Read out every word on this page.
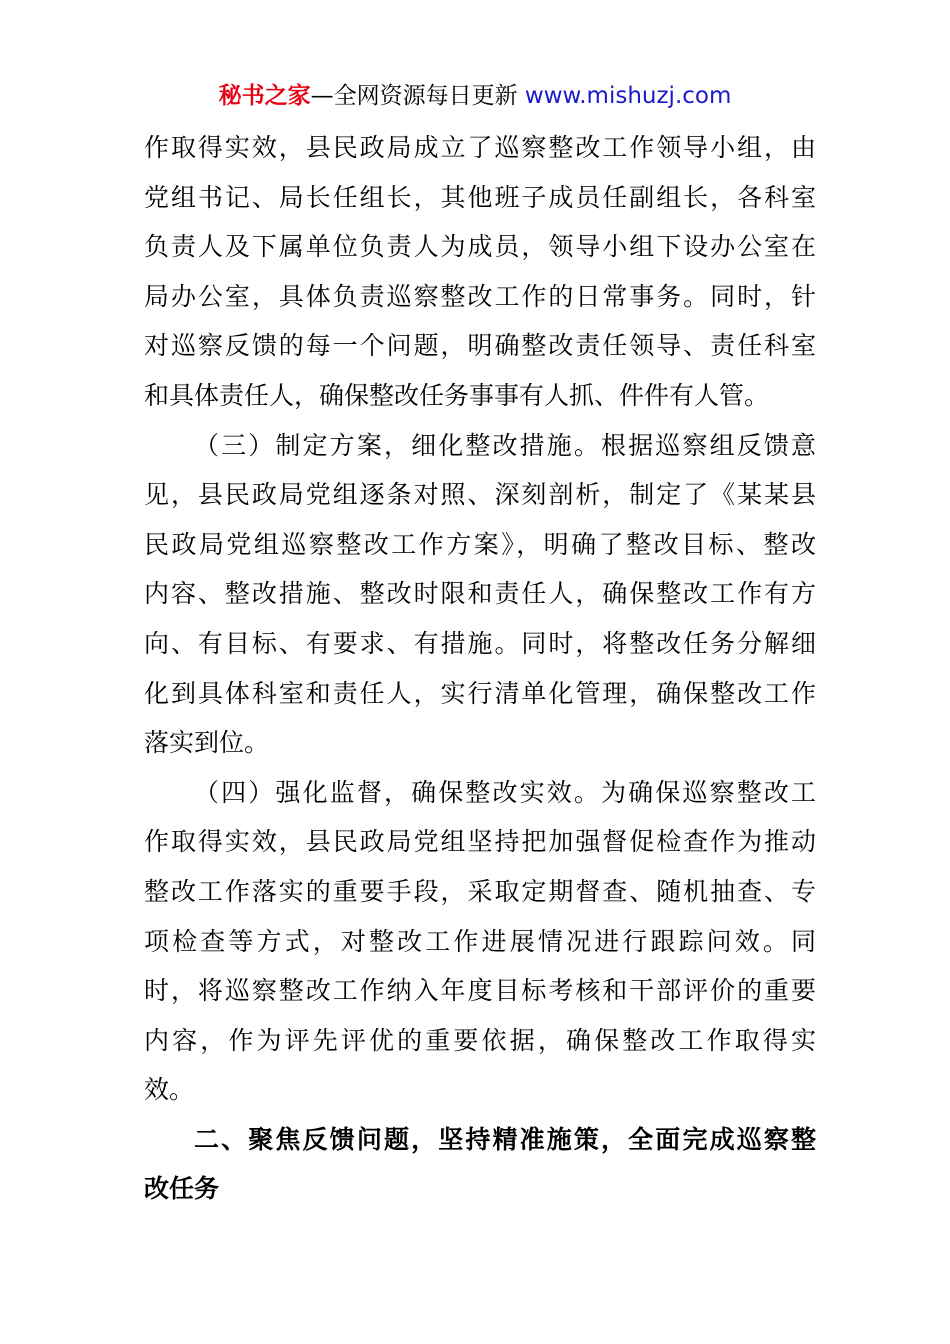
秘书之家—全网资源每日更新 www.mishuzj.com
作取得实效，县民政局成立了巡察整改工作领导小组，由
党组书记、局长任组长，其他班子成员任副组长，各科室
负责人及下属单位负责人为成员，领导小组下设办公室在
局办公室，具体负责巡察整改工作的日常事务。同时，针
对巡察反馈的每一个问题，明确整改责任领导、责任科室
和具体责任人，确保整改任务事事有人抓、件件有人管。
（三）制定方案，细化整改措施。根据巡察组反馈意
见，县民政局党组逐条对照、深刻剖析，制定了《某某县
民政局党组巡察整改工作方案》，明确了整改目标、整改
内容、整改措施、整改时限和责任人，确保整改工作有方
向、有目标、有要求、有措施。同时，将整改任务分解细
化到具体科室和责任人，实行清单化管理，确保整改工作
落实到位。
（四）强化监督，确保整改实效。为确保巡察整改工
作取得实效，县民政局党组坚持把加强督促检查作为推动
整改工作落实的重要手段，采取定期督查、随机抽查、专
项检查等方式，对整改工作进展情况进行跟踪问效。同
时，将巡察整改工作纳入年度目标考核和干部评价的重要
内容，作为评先评优的重要依据，确保整改工作取得实
效。
二、聚焦反馈问题，坚持精准施策，全面完成巡察整
改任务
